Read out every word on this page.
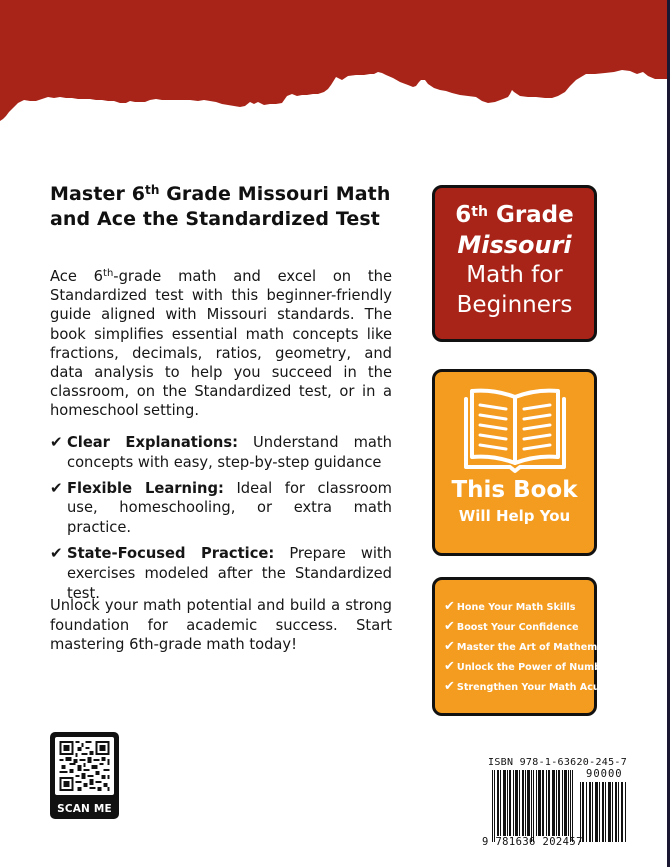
Master 6th Grade Missouri Math
and Ace the Standardized Test

Ace 6th-grade math and excel on the Standardized test with this beginner-friendly guide aligned with Missouri standards. The book simplifies essential math concepts like fractions, decimals, ratios, geometry, and data analysis to help you succeed in the classroom, on the Standardized test, or in a homeschool setting.

✔ Clear Explanations: Understand math concepts with easy, step-by-step guidance
✔ Flexible Learning: Ideal for classroom use, homeschooling, or extra math practice.
✔ State-Focused Practice: Prepare with exercises modeled after the Standardized test.

Unlock your math potential and build a strong foundation for academic success. Start mastering 6th-grade math today!

6th Grade
Missouri
Math for
Beginners
This Book
Will Help You
✔ Hone Your Math Skills
✔ Boost Your Confidence
✔ Master the Art of Mathematics
✔ Unlock the Power of Numbers
✔ Strengthen Your Math Acumen
SCAN ME
ISBN 978-1-63620-245-7
90000
9 781636 202457
